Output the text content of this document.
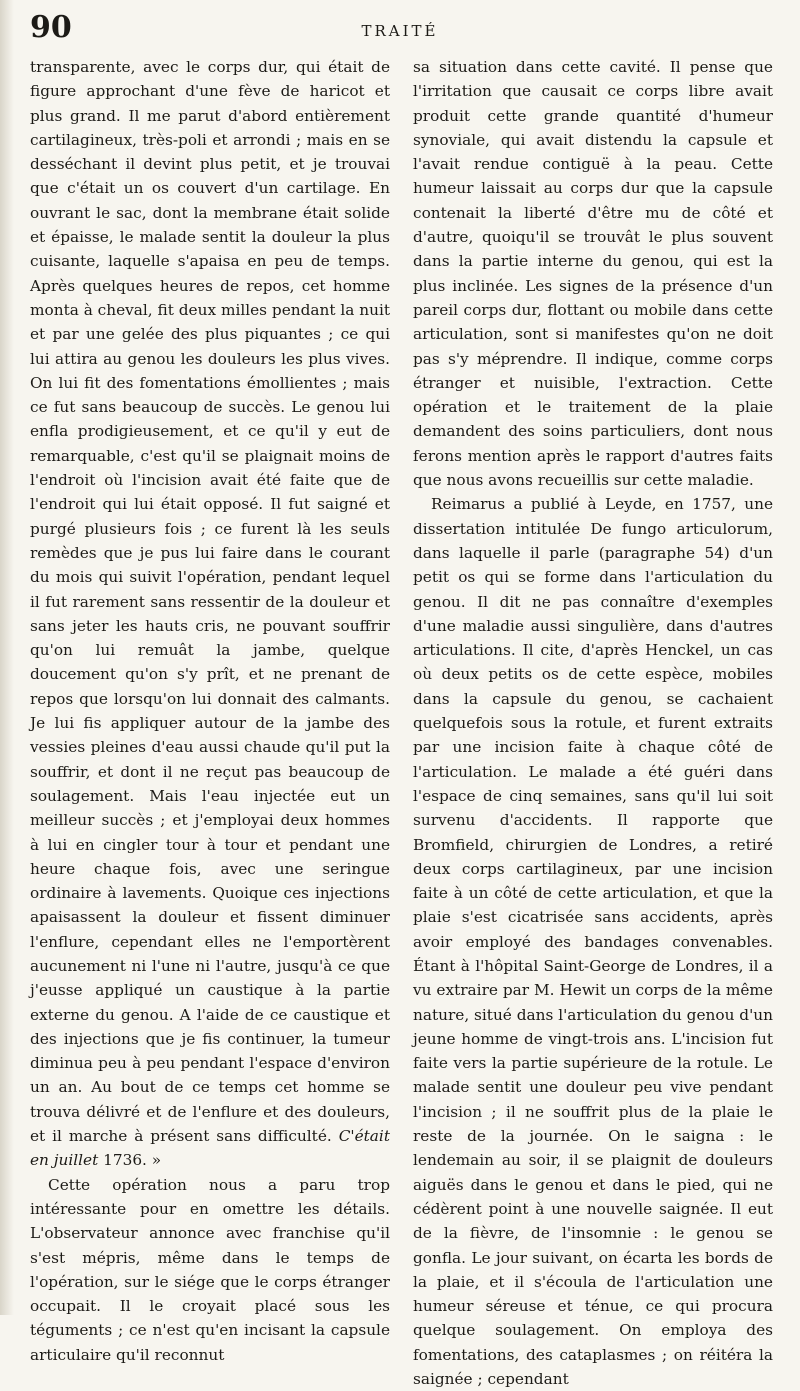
90	TRAITÉ

transparente, avec le corps dur, qui était de figure approchant d'une fève de haricot et plus grand. Il me parut d'abord entièrement cartilagineux, très-poli et arrondi ; mais en se desséchant il devint plus petit, et je trouvai que c'était un os couvert d'un cartilage. En ouvrant le sac, dont la membrane était solide et épaisse, le malade sentit la douleur la plus cuisante, laquelle s'apaisa en peu de temps. Après quelques heures de repos, cet homme monta à cheval, fit deux milles pendant la nuit et par une gelée des plus piquantes ; ce qui lui attira au genou les douleurs les plus vives. On lui fit des fomentations émollientes ; mais ce fut sans beaucoup de succès. Le genou lui enfla prodigieusement, et ce qu'il y eut de remarquable, c'est qu'il se plaignait moins de l'endroit où l'incision avait été faite que de l'endroit qui lui était opposé. Il fut saigné et purgé plusieurs fois ; ce furent là les seuls remèdes que je pus lui faire dans le courant du mois qui suivit l'opération, pendant lequel il fut rarement sans ressentir de la douleur et sans jeter les hauts cris, ne pouvant souffrir qu'on lui remuât la jambe, quelque doucement qu'on s'y prît, et ne prenant de repos que lorsqu'on lui donnait des calmants. Je lui fis appliquer autour de la jambe des vessies pleines d'eau aussi chaude qu'il put la souffrir, et dont il ne reçut pas beaucoup de soulagement. Mais l'eau injectée eut un meilleur succès ; et j'employai deux hommes à lui en cingler tour à tour et pendant une heure chaque fois, avec une seringue ordinaire à lavements. Quoique ces injections apaisassent la douleur et fissent diminuer l'enflure, cependant elles ne l'emportèrent aucunement ni l'une ni l'autre, jusqu'à ce que j'eusse appliqué un caustique à la partie externe du genou. A l'aide de ce caustique et des injections que je fis continuer, la tumeur diminua peu à peu pendant l'espace d'environ un an. Au bout de ce temps cet homme se trouva délivré et de l'enflure et des douleurs, et il marche à présent sans difficulté. C'était en juillet 1736. »

Cette opération nous a paru trop intéressante pour en omettre les détails. L'observateur annonce avec franchise qu'il s'est mépris, même dans le temps de l'opération, sur le siége que le corps étranger occupait. Il le croyait placé sous les téguments ; ce n'est qu'en incisant la capsule articulaire qu'il reconnut

sa situation dans cette cavité. Il pense que l'irritation que causait ce corps libre avait produit cette grande quantité d'humeur synoviale, qui avait distendu la capsule et l'avait rendue contiguë à la peau. Cette humeur laissait au corps dur que la capsule contenait la liberté d'être mu de côté et d'autre, quoiqu'il se trouvât le plus souvent dans la partie interne du genou, qui est la plus inclinée. Les signes de la présence d'un pareil corps dur, flottant ou mobile dans cette articulation, sont si manifestes qu'on ne doit pas s'y méprendre. Il indique, comme corps étranger et nuisible, l'extraction. Cette opération et le traitement de la plaie demandent des soins particuliers, dont nous ferons mention après le rapport d'autres faits que nous avons recueillis sur cette maladie.

Reimarus a publié à Leyde, en 1757, une dissertation intitulée De fungo articulorum, dans laquelle il parle (paragraphe 54) d'un petit os qui se forme dans l'articulation du genou. Il dit ne pas connaître d'exemples d'une maladie aussi singulière, dans d'autres articulations. Il cite, d'après Henckel, un cas où deux petits os de cette espèce, mobiles dans la capsule du genou, se cachaient quelquefois sous la rotule, et furent extraits par une incision faite à chaque côté de l'articulation. Le malade a été guéri dans l'espace de cinq semaines, sans qu'il lui soit survenu d'accidents. Il rapporte que Bromfield, chirurgien de Londres, a retiré deux corps cartilagineux, par une incision faite à un côté de cette articulation, et que la plaie s'est cicatrisée sans accidents, après avoir employé des bandages convenables. Étant à l'hôpital Saint-George de Londres, il a vu extraire par M. Hewit un corps de la même nature, situé dans l'articulation du genou d'un jeune homme de vingt-trois ans. L'incision fut faite vers la partie supérieure de la rotule. Le malade sentit une douleur peu vive pendant l'incision ; il ne souffrit plus de la plaie le reste de la journée. On le saigna : le lendemain au soir, il se plaignit de douleurs aiguës dans le genou et dans le pied, qui ne cédèrent point à une nouvelle saignée. Il eut de la fièvre, de l'insomnie : le genou se gonfla. Le jour suivant, on écarta les bords de la plaie, et il s'écoula de l'articulation une humeur séreuse et ténue, ce qui procura quelque soulagement. On employa des fomentations, des cataplasmes ; on réitéra la saignée ; cependant
